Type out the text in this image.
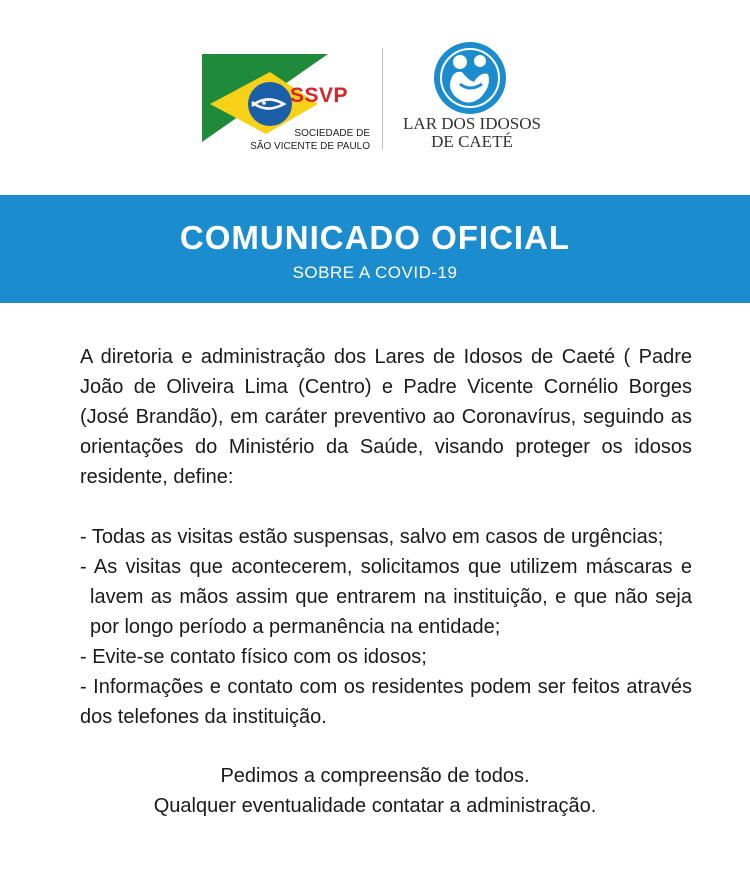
SSVP
SOCIEDADE DE
SÃO VICENTE DE PAULO
LAR DOS IDOSOS
DE CAETÉ
COMUNICADO OFICIAL
SOBRE A COVID-19

A diretoria e administração dos Lares de Idosos de Caeté ( Padre João de Oliveira Lima (Centro) e Padre Vicente Cornélio Borges (José Brandão), em caráter preventivo ao Coronavírus, seguindo as orientações do Ministério da Saúde, visando proteger os idosos residente, define:

- Todas as visitas estão suspensas, salvo em casos de urgências;

- As visitas que acontecerem, solicitamos que utilizem máscaras e lavem as mãos assim que entrarem na instituição, e que não seja por longo período a permanência na entidade;

- Evite-se contato físico com os idosos;

- Informações e contato com os residentes podem ser feitos através dos telefones da instituição.

Pedimos a compreensão de todos.

Qualquer eventualidade contatar a administração.
